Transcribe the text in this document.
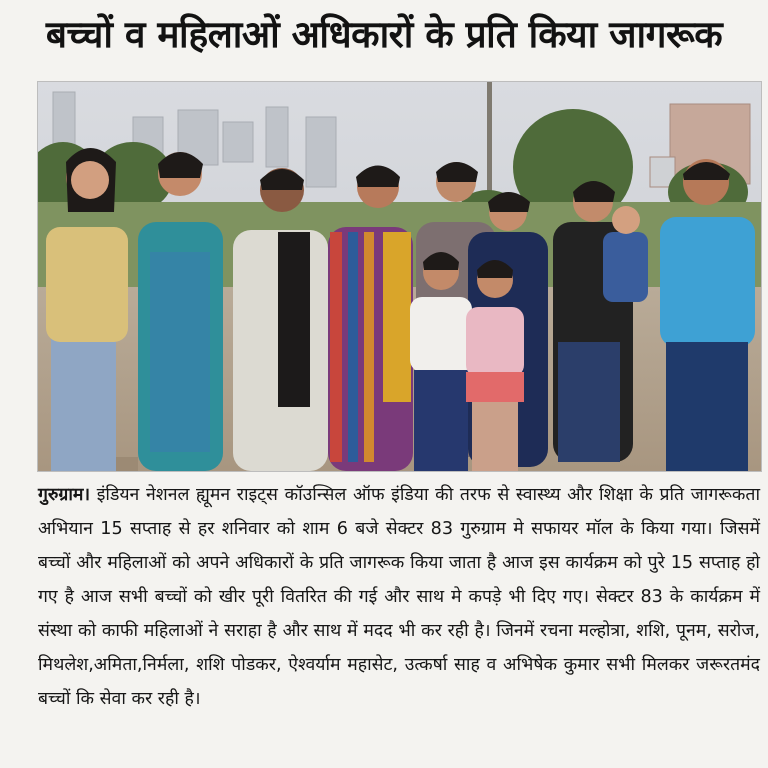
बच्चों व महिलाओं अधिकारों के प्रति किया जागरूक
गुरुग्राम। इंडियन नेशनल ह्यूमन राइट्स कॉउन्सिल ऑफ इंडिया की तरफ से स्वास्थ्य और शिक्षा के प्रति जागरूकता अभियान 15 सप्ताह से हर शनिवार को शाम 6 बजे सेक्टर 83 गुरुग्राम मे सफायर मॉल के किया गया। जिसमें बच्चों और महिलाओं को अपने अधिकारों के प्रति जागरूक किया जाता है आज इस कार्यक्रम को पुरे 15 सप्ताह हो गए है आज सभी बच्चों को खीर पूरी वितरित की गई और साथ मे कपड़े भी दिए गए। सेक्टर 83 के कार्यक्रम में संस्था को काफी महिलाओं ने सराहा है और साथ में मदद भी कर रही है। जिनमें रचना मल्होत्रा, शशि, पूनम, सरोज, मिथलेश,अमिता,निर्मला, शशि पोडकर, ऐश्वर्याम महासेट, उत्कर्षा साह व अभिषेक कुमार सभी मिलकर जरूरतमंद बच्चों कि सेवा कर रही है।
